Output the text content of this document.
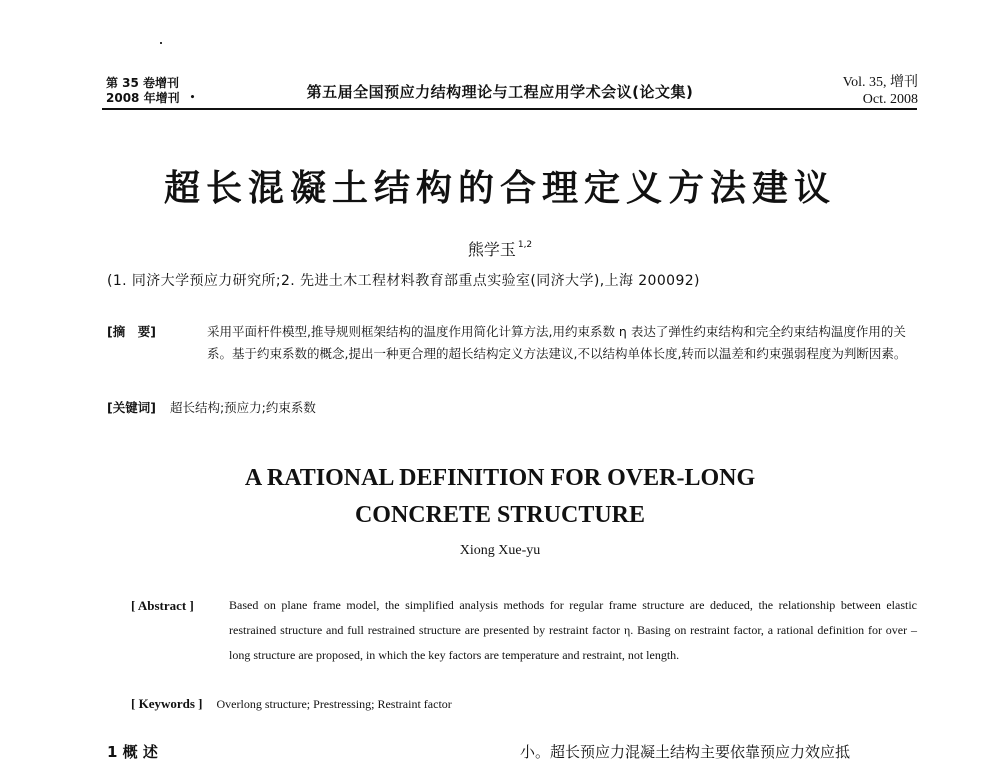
第 35 卷增刊
2008 年增刊 •	第五届全国预应力结构理论与工程应用学术会议(论文集)
Vol. 35, 增刊
Oct. 2008
超长混凝土结构的合理定义方法建议
熊学玉 $^{1,2}$
(1. 同济大学预应力研究所;2. 先进土木工程材料教育部重点实验室(同济大学),上海 200092)
[摘　要]	采用平面杆件模型,推导规则框架结构的温度作用简化计算方法,用约束系数 η 表达了弹性约束结构和完全约束结构温度作用的关系。基于约束系数的概念,提出一种更合理的超长结构定义方法建议,不以结构单体长度,转而以温差和约束强弱程度为判断因素。
[关键词] 超长结构;预应力;约束系数
A RATIONAL DEFINITION FOR OVER-LONG
CONCRETE STRUCTURE
Xiong Xue-yu
[ Abstract ]	Based on plane frame model, the simplified analysis methods for regular frame structure are deduced, the relationship between elastic restrained structure and full restrained structure are presented by restraint factor η. Basing on restraint factor, a rational definition for over – long structure are proposed, in which the key factors are temperature and restraint, not length.
[ Keywords ] Overlong structure; Prestressing; Restraint factor
1 概 述	小。超长预应力混凝土结构主要依靠预应力效应抵
